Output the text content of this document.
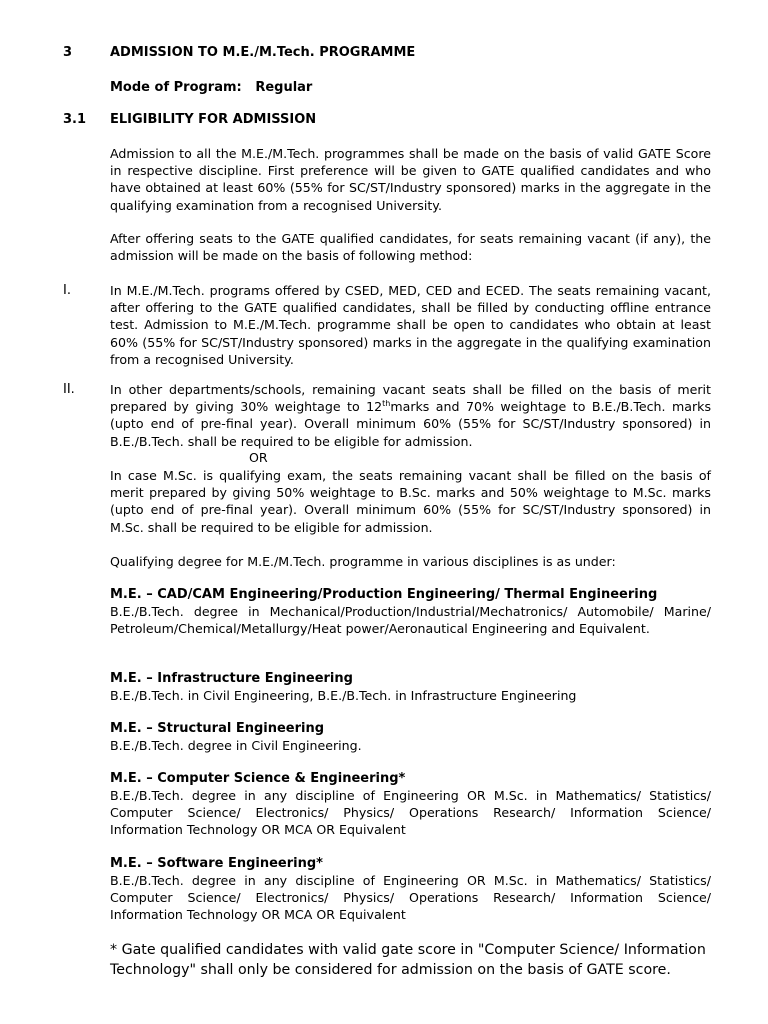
3	ADMISSION TO M.E./M.Tech. PROGRAMME
Mode of Program: Regular
3.1 ELIGIBILITY FOR ADMISSION
Admission to all the M.E./M.Tech. programmes shall be made on the basis of valid GATE Score in respective discipline. First preference will be given to GATE qualified candidates and who have obtained at least 60% (55% for SC/ST/Industry sponsored) marks in the aggregate in the qualifying examination from a recognised University.
After offering seats to the GATE qualified candidates, for seats remaining vacant (if any), the admission will be made on the basis of following method:
I.	In M.E./M.Tech. programs offered by CSED, MED, CED and ECED. The seats remaining vacant, after offering to the GATE qualified candidates, shall be filled by conducting offline entrance test. Admission to M.E./M.Tech. programme shall be open to candidates who obtain at least 60% (55% for SC/ST/Industry sponsored) marks in the aggregate in the qualifying examination from a recognised University.
II.	In other departments/schools, remaining vacant seats shall be filled on the basis of merit prepared by giving 30% weightage to 12thmarks and 70% weightage to B.E./B.Tech. marks (upto end of pre-final year). Overall minimum 60% (55% for SC/ST/Industry sponsored) in B.E./B.Tech. shall be required to be eligible for admission.
OR
In case M.Sc. is qualifying exam, the seats remaining vacant shall be filled on the basis of merit prepared by giving 50% weightage to B.Sc. marks and 50% weightage to M.Sc. marks (upto end of pre-final year). Overall minimum 60% (55% for SC/ST/Industry sponsored) in M.Sc. shall be required to be eligible for admission.
Qualifying degree for M.E./M.Tech. programme in various disciplines is as under:
M.E. – CAD/CAM Engineering/Production Engineering/ Thermal Engineering
B.E./B.Tech. degree in Mechanical/Production/Industrial/Mechatronics/ Automobile/ Marine/ Petroleum/Chemical/Metallurgy/Heat power/Aeronautical Engineering and Equivalent.
M.E. – Infrastructure Engineering
B.E./B.Tech. in Civil Engineering, B.E./B.Tech. in Infrastructure Engineering
M.E. – Structural Engineering
B.E./B.Tech. degree in Civil Engineering.
M.E. – Computer Science & Engineering*
B.E./B.Tech. degree in any discipline of Engineering OR M.Sc. in Mathematics/ Statistics/ Computer Science/ Electronics/ Physics/ Operations Research/ Information Science/ Information Technology OR MCA OR Equivalent
M.E. – Software Engineering*
B.E./B.Tech. degree in any discipline of Engineering OR M.Sc. in Mathematics/ Statistics/ Computer Science/ Electronics/ Physics/ Operations Research/ Information Science/ Information Technology OR MCA OR Equivalent
* Gate qualified candidates with valid gate score in "Computer Science/ Information Technology" shall only be considered for admission on the basis of GATE score.
